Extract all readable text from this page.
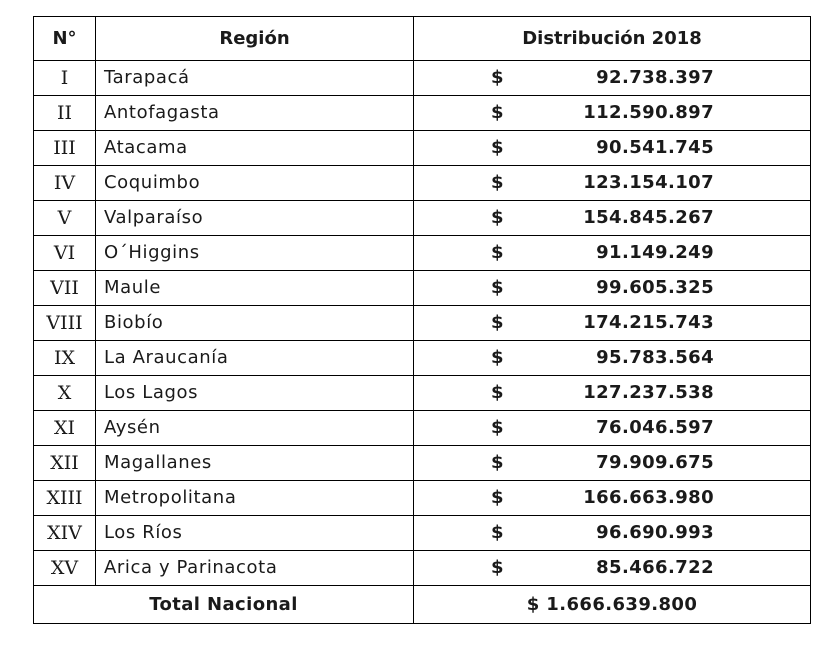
N°	Región	Distribución 2018
I	Tarapacá	$ 92.738.397

II	Antofagasta	$ 112.590.897

III	Atacama	$ 90.541.745

IV	Coquimbo	$ 123.154.107

V	Valparaíso	$ 154.845.267

VI	O´Higgins	$ 91.149.249

VII	Maule	$ 99.605.325

VIII	Biobío	$ 174.215.743

IX	La Araucanía	$ 95.783.564

X	Los Lagos	$ 127.237.538

XI	Aysén	$ 76.046.597

XII	Magallanes	$ 79.909.675

XIII	Metropolitana	$ 166.663.980

XIV	Los Ríos	$ 96.690.993

XV	Arica y Parinacota	$ 85.466.722

Total Nacional		$ 1.666.639.800
